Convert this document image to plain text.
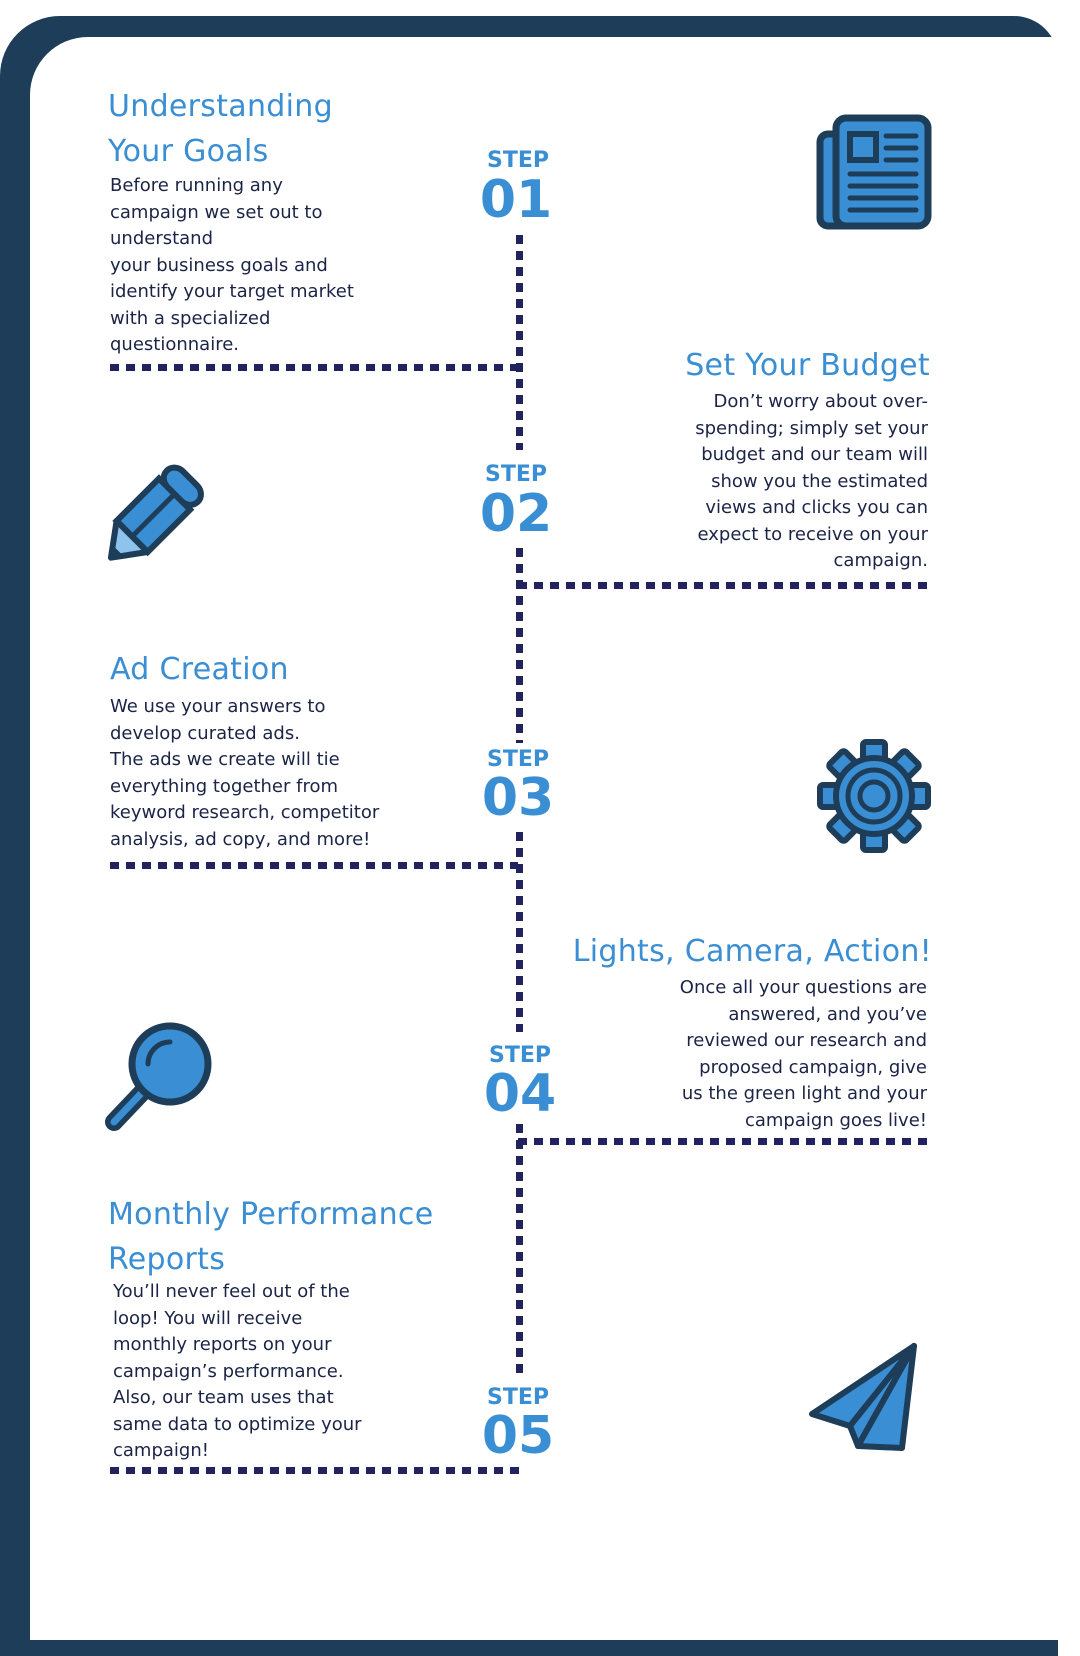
Understanding
Your Goals
Before running any
campaign we set out to
understand
your business goals and
identify your target market
with a specialized
questionnaire.
STEP
01
Set Your Budget
Don’t worry about over-
spending; simply set your
budget and our team will
show you the estimated
views and clicks you can
expect to receive on your
campaign.
STEP
02
Ad Creation
We use your answers to
develop curated ads.
The ads we create will tie
everything together from
keyword research, competitor
analysis, ad copy, and more!
STEP
03
Lights, Camera, Action!
Once all your questions are
answered, and you’ve
reviewed our research and
proposed campaign, give
us the green light and your
campaign goes live!
STEP
04
Monthly Performance
Reports
You’ll never feel out of the
loop! You will receive
monthly reports on your
campaign’s performance.
Also, our team uses that
same data to optimize your
campaign!
STEP
05
